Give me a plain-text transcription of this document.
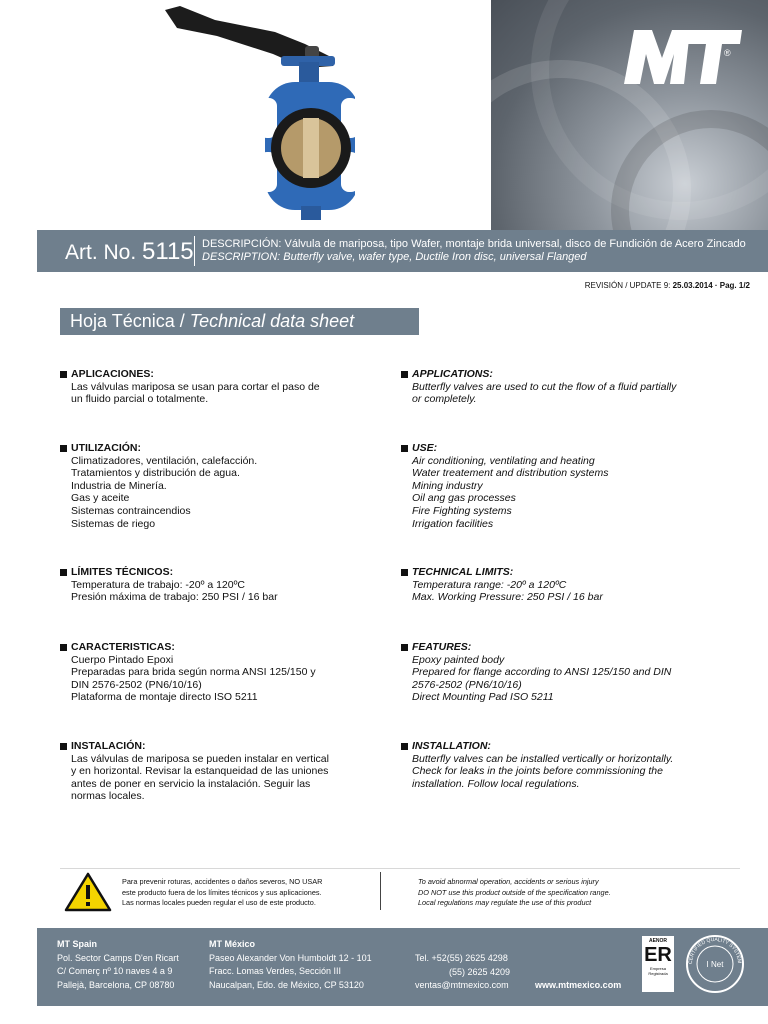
®
Art. No. 5115 DESCRIPCIÓN: Válvula de mariposa, tipo Wafer, montaje brida universal, disco de Fundición de Acero Zincado
DESCRIPTION: Butterfly valve, wafer type, Ductile Iron disc, universal Flanged
REVISIÓN / UPDATE 9: 25.03.2014 · Pag. 1/2
Hoja Técnica / Technical data sheet
APLICACIONES:
Las válvulas mariposa se usan para cortar el paso de
un fluido parcial o totalmente.
UTILIZACIÓN:
Climatizadores, ventilación, calefacción.
Tratamientos y distribución de agua.
Industria de Minería.
Gas y aceite
Sistemas contraincendios
Sistemas de riego
LÍMITES TÉCNICOS:
Temperatura de trabajo: -20º a 120ºC
Presión máxima de trabajo: 250 PSI / 16 bar
CARACTERISTICAS:
Cuerpo Pintado Epoxi
Preparadas para brida según norma ANSI 125/150 y
DIN 2576-2502 (PN6/10/16)
Plataforma de montaje directo ISO 5211
INSTALACIÓN:
Las válvulas de mariposa se pueden instalar en vertical
y en horizontal. Revisar la estanqueidad de las uniones
antes de poner en servicio la instalación. Seguir las
normas locales.
APPLICATIONS:
Butterfly valves are used to cut the flow of a fluid partially
or completely.
USE:
Air conditioning, ventilating and heating
Water treatement and distribution systems
Mining industry
Oil ang gas processes
Fire Fighting systems
Irrigation facilities
TECHNICAL LIMITS:
Temperatura range: -20º a 120ºC
Max. Working Pressure: 250 PSI / 16 bar
FEATURES:
Epoxy painted body
Prepared for flange according to ANSI 125/150 and DIN
2576-2502 (PN6/10/16)
Direct Mounting Pad ISO 5211
INSTALLATION:
Butterfly valves can be installed vertically or horizontally.
Check for leaks in the joints before commissioning the
installation. Follow local regulations.
Para prevenir roturas, accidentes o daños severos, NO USAR
este producto fuera de los límites técnicos y sus aplicaciones.
Las normas locales pueden regular el uso de este producto.
To avoid abnormal operation, accidents or serious injury
DO NOT use this product outside of the specification range.
Local regulations may regulate the use of this product
MT Spain
Pol. Sector Camps D'en Ricart
C/ Comerç nº 10 naves 4 a 9
Pallejà, Barcelona, CP 08780
MT México
Paseo Alexander Von Humboldt 12 - 101
Fracc. Lomas Verdes, Sección III
Naucalpan, Edo. de México, CP 53120
Tel. +52(55) 2625 4298
(55) 2625 4209
ventas@mtmexico.com	www.mtmexico.com
AENOR
ER
Empresa Registrada
CERTIFIED QUALITY SYSTEM
I Net
